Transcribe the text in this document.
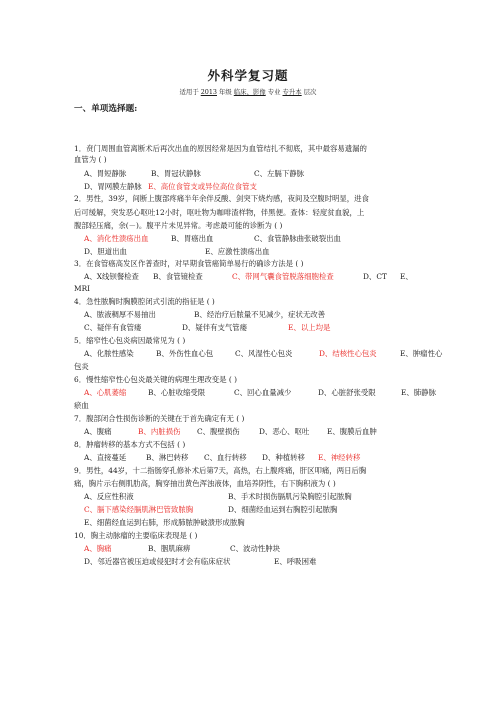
外科学复习题
适用于 2013 年级 临床、影像 专业 专升本 层次
一、单项选择题:
1．贲门周围血管离断术后再次出血的原因经常是因为血管结扎不彻底，其中最容易遗漏的
血管为 ( )
A、胃短静脉	B、胃冠状静脉	C、左膈下静脉
D、胃网膜左静脉 E、高位食管支或异位高位食管支
2．男性，39岁，间断上腹部疼痛半年余伴反酸、剑突下烧灼感，夜间及空腹时明显，进食
后可缓解，突发恶心呕吐12小时，呕吐物为咖啡渣样物，伴黑便。查体：轻度贫血貌，上
腹部轻压痛，余(－)。腹平片未见异常。考虑最可能的诊断为 ( )
A、消化性溃疡出血	B、胃癌出血	C、食管静脉曲张破裂出血
D、胆道出血	E、应激性溃疡出血
3．在食管癌高发区作普查时，对早期食管癌简单易行的确诊方法是 ( )
A、X线钡餐检查 B、食管镜检查	C、带网气囊食管脱落细胞检查	D、CT E、
MRI
4．急性脓胸时胸膜腔闭式引流的指征是 ( )
A、脓液稠厚不易抽出	B、经治疗后脓量不见减少，症状无改善
C、疑伴有食管瘘	D、疑伴有支气管瘘	E、以上均是
5．缩窄性心包炎病因最常见为 ( )
A、化脓性感染	B、外伤性血心包	C、风湿性心包炎	D、结核性心包炎	E、肿瘤性心
包炎
6．慢性缩窄性心包炎最关键的病理生理改变是 ( )
A、心肌萎缩	B、心脏收缩受限	C、回心血量减少	D、心脏舒张受限	E、肺静脉
瘀血
7．腹部闭合性损伤诊断的关键在于首先确定有无 ( )
A、腹痛	B、内脏损伤 C、腹壁损伤	D、恶心、呕吐 E、腹膜后血肿
8．肿瘤转移的基本方式不包括 ( )
A、直接蔓延	B、淋巴转移 C、血行转移 D、种植转移 E、神经转移
9．男性，44岁，十二指肠穿孔修补术后第7天，高热，右上腹疼痛，肝区叩痛，两日后胸
痛，胸片示右侧肌肋高，胸穿抽出黄色浑浊液体，血培养阴性，右下胸积液为 ( )
A、反应性积液	B、手术时损伤膈肌污染胸腔引起脓胸
C、膈下感染经膈肌淋巴管致脓胸	D、细菌经血运到右胸腔引起脓胸
E、细菌经血运到右肺，形成肺脓肿破溃形成脓胸
10．胸主动脉瘤的主要临床表现是 ( )
A、胸痛	B、胭肌麻痹	C、波动性肿块
D、邻近器官被压迫或侵犯时才会有临床症状	E、呼吸困难
